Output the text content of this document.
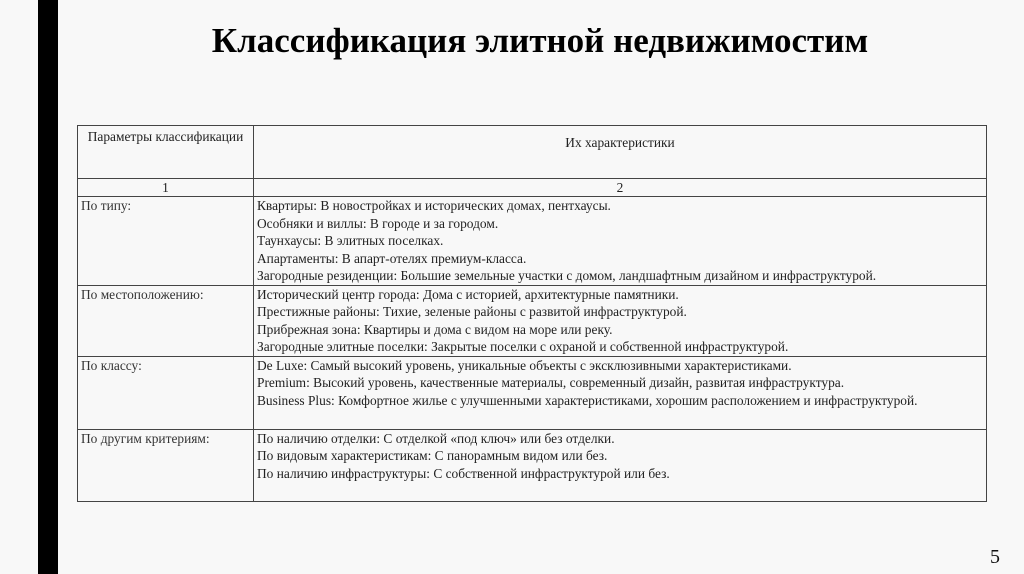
Классификация элитной недвижимостим
Параметры классификации	Их характеристики
1	2
По типу:	Квартиры: В новостройках и исторических домах, пентхаусы.
Особняки и виллы: В городе и за городом.
Таунхаусы: В элитных поселках.
Апартаменты: В апарт-отелях премиум-класса.
Загородные резиденции: Большие земельные участки с домом, ландшафтным дизайном и инфраструктурой.

По местоположению:	Исторический центр города: Дома с историей, архитектурные памятники.
Престижные районы: Тихие, зеленые районы с развитой инфраструктурой.
Прибрежная зона: Квартиры и дома с видом на море или реку.
Загородные элитные поселки: Закрытые поселки с охраной и собственной инфраструктурой.

По классу:	De Luxe: Самый высокий уровень, уникальные объекты с эксклюзивными характеристиками.
Premium: Высокий уровень, качественные материалы, современный дизайн, развитая инфраструктура.
Business Plus: Комфортное жилье с улучшенными характеристиками, хорошим расположением и инфраструктурой.

По другим критериям:	По наличию отделки: С отделкой «под ключ» или без отделки.
По видовым характеристикам: С панорамным видом или без.
По наличию инфраструктуры: С собственной инфраструктурой или без.
5
